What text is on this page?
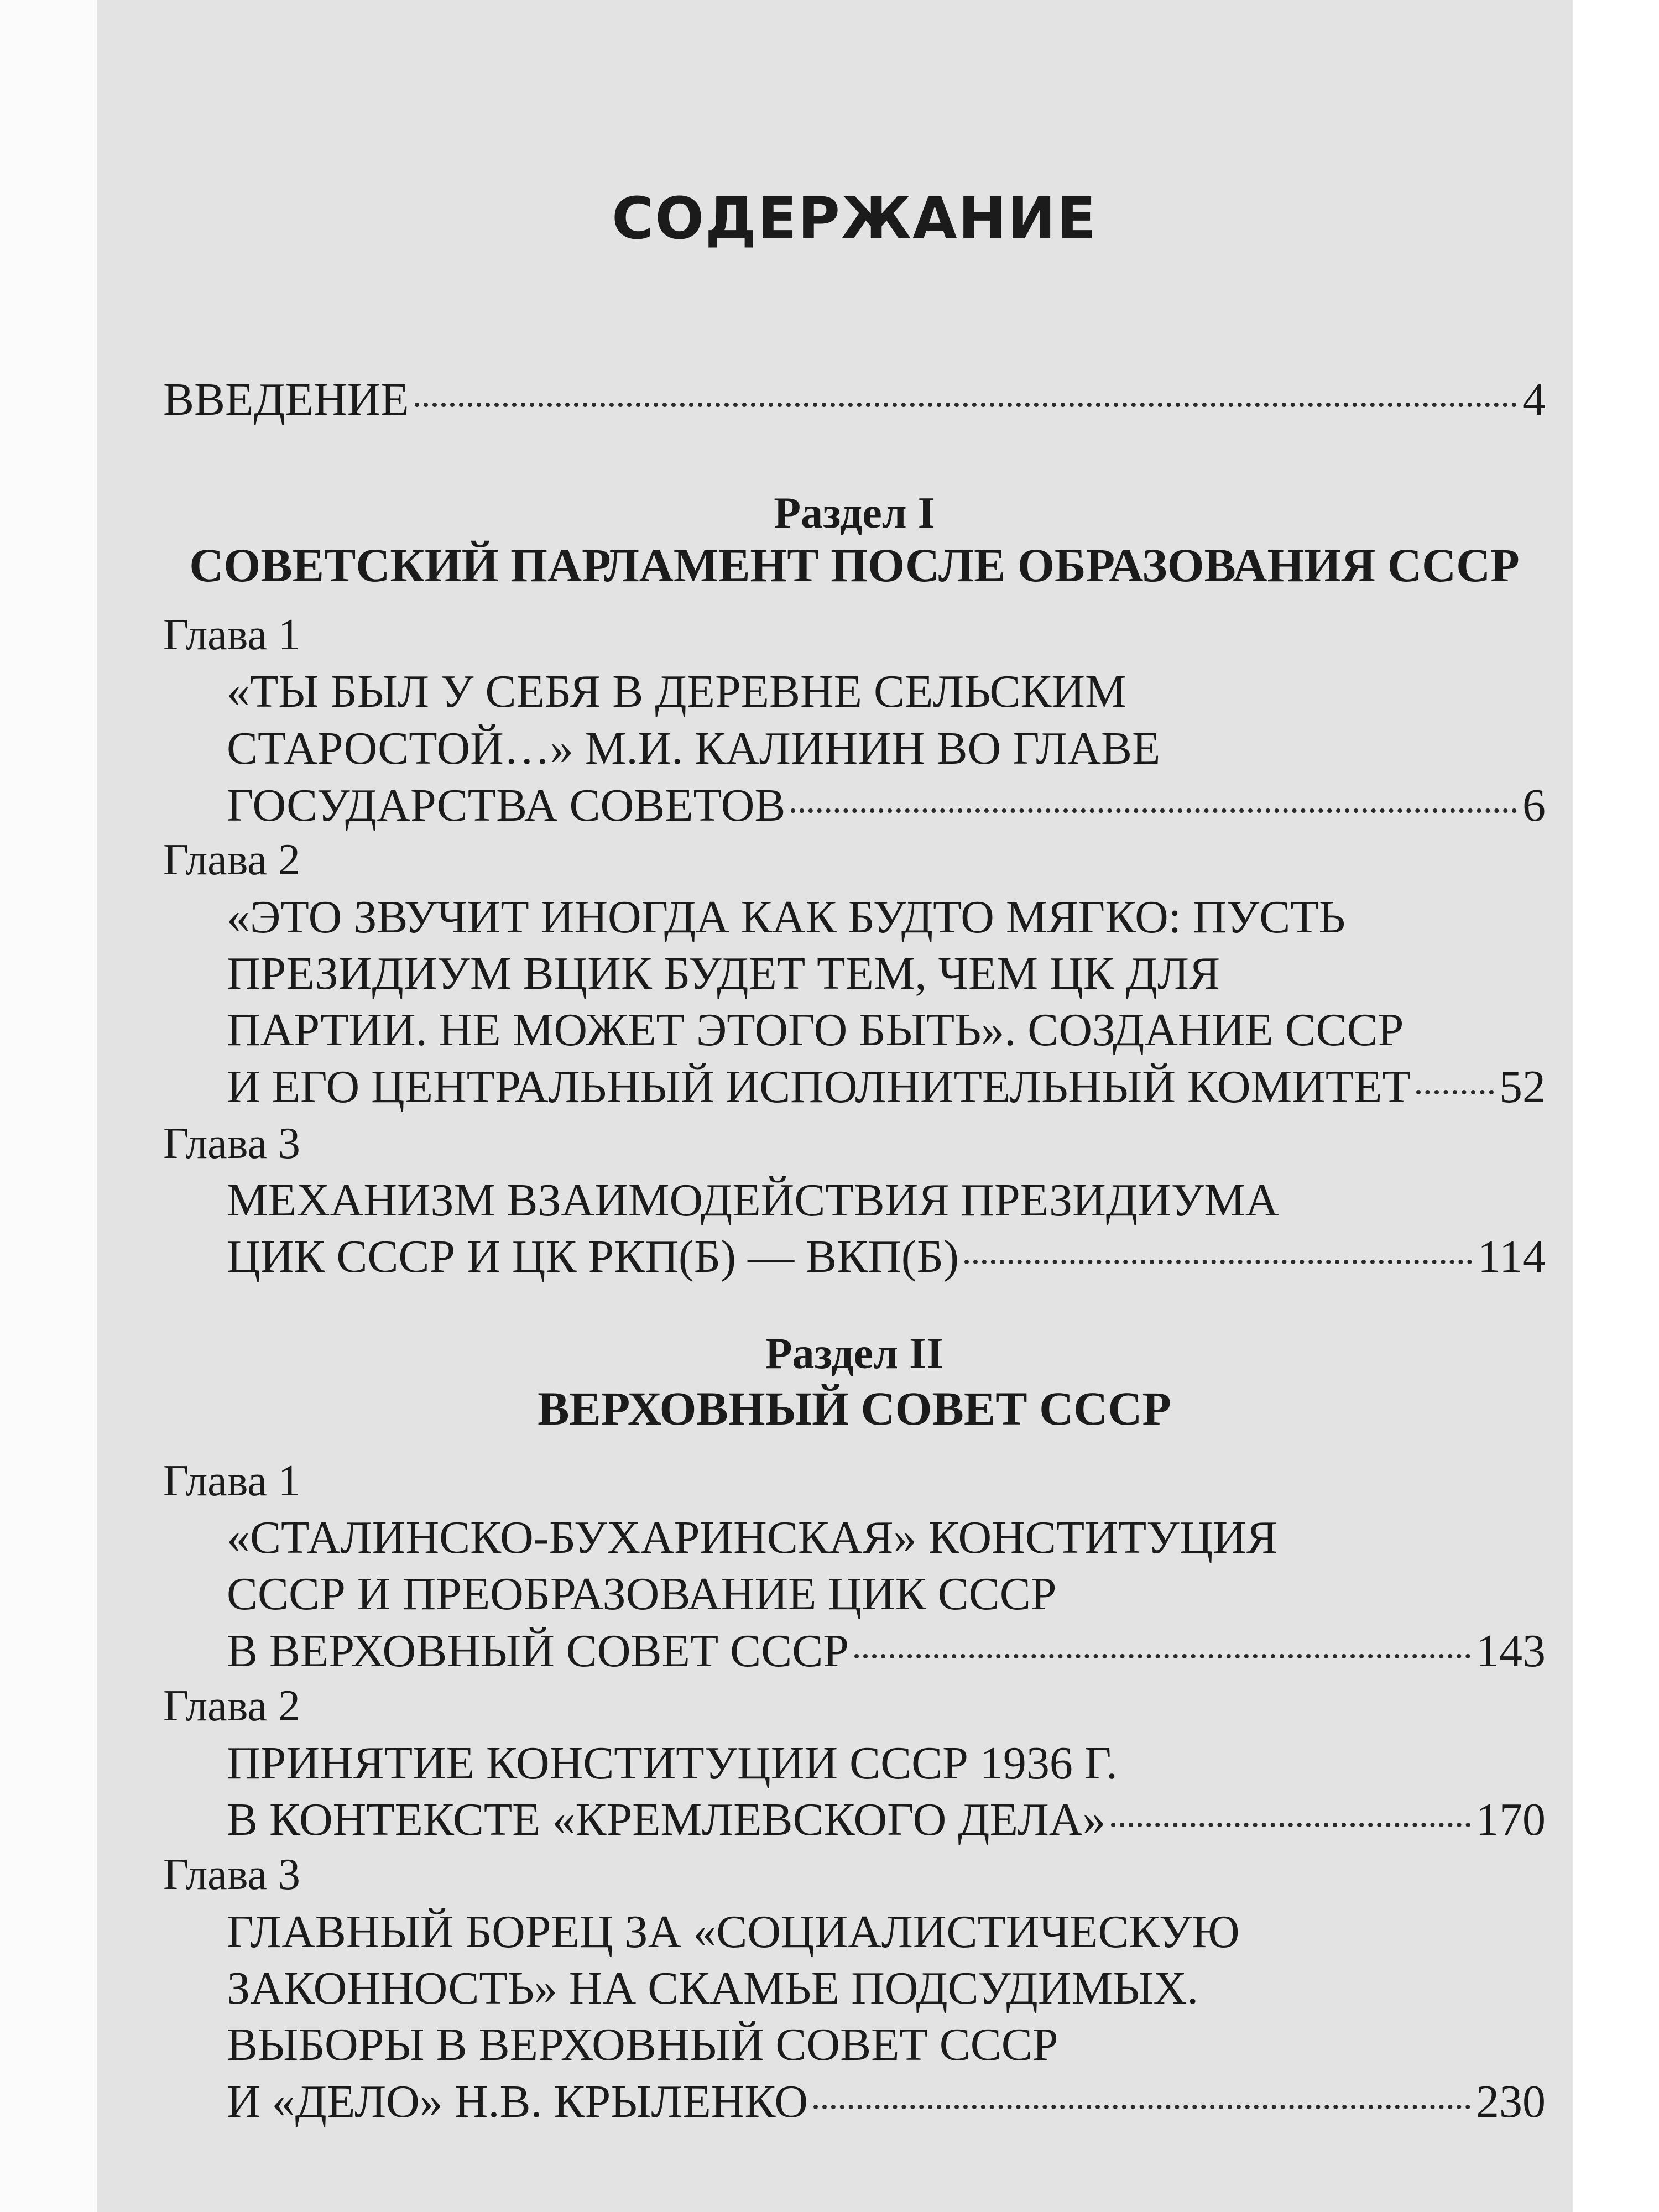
СОДЕРЖАНИЕ
ВВЕДЕНИЕ	4
Раздел I
СОВЕТСКИЙ ПАРЛАМЕНТ ПОСЛЕ ОБРАЗОВАНИЯ СССР
Глава 1
«ТЫ БЫЛ У СЕБЯ В ДЕРЕВНЕ СЕЛЬСКИМ
СТАРОСТОЙ…» М.И. КАЛИНИН ВО ГЛАВЕ
ГОСУДАРСТВА СОВЕТОВ	6
Глава 2
«ЭТО ЗВУЧИТ ИНОГДА КАК БУДТО МЯГКО: ПУСТЬ
ПРЕЗИДИУМ ВЦИК БУДЕТ ТЕМ, ЧЕМ ЦК ДЛЯ
ПАРТИИ. НЕ МОЖЕТ ЭТОГО БЫТЬ». СОЗДАНИЕ СССР
И ЕГО ЦЕНТРАЛЬНЫЙ ИСПОЛНИТЕЛЬНЫЙ КОМИТЕТ 52
Глава 3
МЕХАНИЗМ ВЗАИМОДЕЙСТВИЯ ПРЕЗИДИУМА
ЦИК СССР И ЦК РКП(Б) — ВКП(Б)	114
Раздел II
ВЕРХОВНЫЙ СОВЕТ СССР
Глава 1
«СТАЛИНСКО-БУХАРИНСКАЯ» КОНСТИТУЦИЯ
СССР И ПРЕОБРАЗОВАНИЕ ЦИК СССР
В ВЕРХОВНЫЙ СОВЕТ СССР	143
Глава 2
ПРИНЯТИЕ КОНСТИТУЦИИ СССР 1936 Г.
В КОНТЕКСТЕ «КРЕМЛЕВСКОГО ДЕЛА»	170
Глава 3
ГЛАВНЫЙ БОРЕЦ ЗА «СОЦИАЛИСТИЧЕСКУЮ
ЗАКОННОСТЬ» НА СКАМЬЕ ПОДСУДИМЫХ.
ВЫБОРЫ В ВЕРХОВНЫЙ СОВЕТ СССР
И «ДЕЛО» Н.В. КРЫЛЕНКО	230
